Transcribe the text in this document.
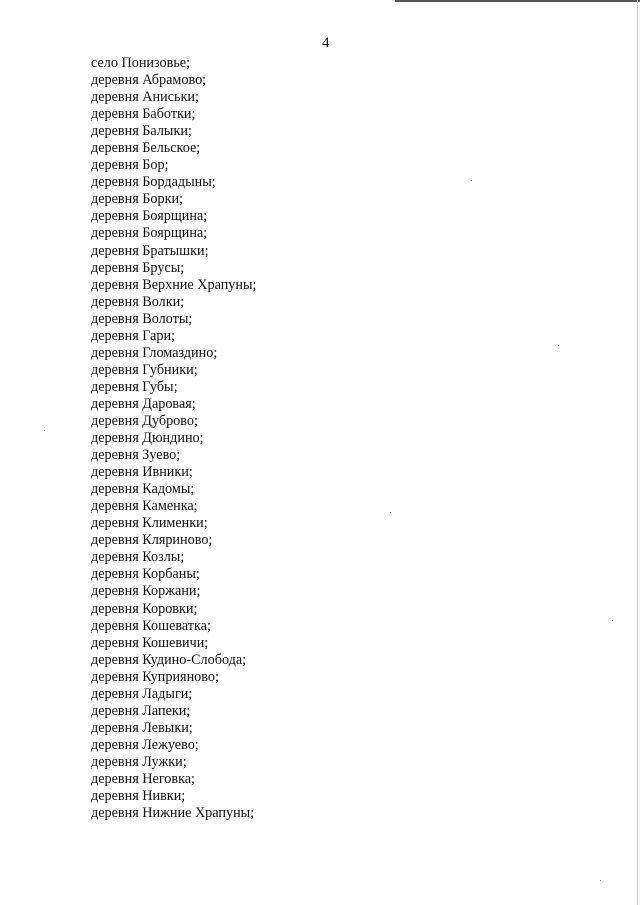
4
село Понизовье;
деревня Абрамово;
деревня Аниськи;
деревня Баботки;
деревня Балыки;
деревня Бельское;
деревня Бор;
деревня Бордадыны;
деревня Борки;
деревня Боярщина;
деревня Боярщина;
деревня Братышки;
деревня Брусы;
деревня Верхние Храпуны;
деревня Волки;
деревня Волоты;
деревня Гари;
деревня Гломаздино;
деревня Губники;
деревня Губы;
деревня Даровая;
деревня Дуброво;
деревня Дюндино;
деревня Зуево;
деревня Ивники;
деревня Кадомы;
деревня Каменка;
деревня Клименки;
деревня Кляриново;
деревня Козлы;
деревня Корбаны;
деревня Коржани;
деревня Коровки;
деревня Кошеватка;
деревня Кошевичи;
деревня Кудино-Слобода;
деревня Куприяново;
деревня Ладыги;
деревня Лапеки;
деревня Левыки;
деревня Лежуево;
деревня Лужки;
деревня Неговка;
деревня Нивки;
деревня Нижние Храпуны;
